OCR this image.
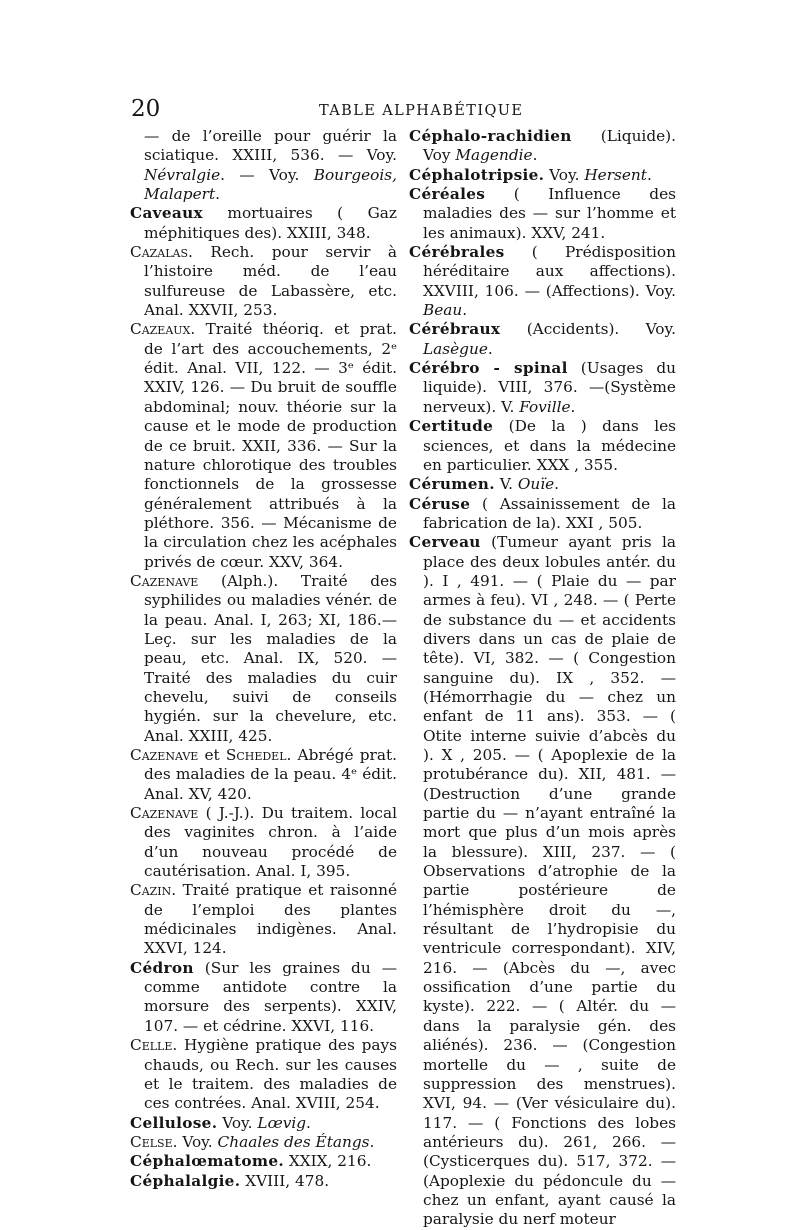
20	TABLE ALPHABÉTIQUE

— de l’oreille pour guérir la sciatique. XXIII, 536. — Voy. Névralgie. — Voy. Bourgeois, Malapert.

Caveaux mortuaires ( Gaz méphitiques des). XXIII, 348.

Cazalas. Rech. pour servir à l’histoire méd. de l’eau sulfureuse de Labassère, etc. Anal. XXVII, 253.

Cazeaux. Traité théoriq. et prat. de l’art des accouchements, 2ᵉ édit. Anal. VII, 122. — 3ᵉ édit. XXIV, 126. — Du bruit de souffle abdominal; nouv. théorie sur la cause et le mode de production de ce bruit. XXII, 336. — Sur la nature chlorotique des troubles fonctionnels de la grossesse généralement attribués à la pléthore. 356. — Mécanisme de la circulation chez les acéphales privés de cœur. XXV, 364.

Cazenave (Alph.). Traité des syphilides ou maladies vénér. de la peau. Anal. I, 263; XI, 186.— Leç. sur les maladies de la peau, etc. Anal. IX, 520. — Traité des maladies du cuir chevelu, suivi de conseils hygién. sur la chevelure, etc. Anal. XXIII, 425.

Cazenave et Schedel. Abrégé prat. des maladies de la peau. 4ᵉ édit. Anal. XV, 420.

Cazenave ( J.-J.). Du traitem. local des vaginites chron. à l’aide d’un nouveau procédé de cautérisation. Anal. I, 395.

Cazin. Traité pratique et raisonné de l’emploi des plantes médicinales indigènes. Anal. XXVI, 124.

Cédron (Sur les graines du — comme antidote contre la morsure des serpents). XXIV, 107. — et cédrine. XXVI, 116.

Celle. Hygiène pratique des pays chauds, ou Rech. sur les causes et le traitem. des maladies de ces contrées. Anal. XVIII, 254.

Cellulose. Voy. Lœvig.

Celse. Voy. Chaales des Étangs.

Céphalœmatome. XXIX, 216.

Céphalalgie. XVIII, 478.

Céphalo-rachidien (Liquide). Voy Magendie.

Céphalotripsie. Voy. Hersent.

Céréales ( Influence des maladies des — sur l’homme et les animaux). XXV, 241.

Cérébrales ( Prédisposition héréditaire aux affections). XXVIII, 106. — (Affections). Voy. Beau.

Cérébraux (Accidents). Voy. Lasègue.

Cérébro - spinal (Usages du liquide). VIII, 376. —(Système nerveux). V. Foville.

Certitude (De la ) dans les sciences, et dans la médecine en particulier. XXX , 355.

Cérumen. V. Ouïe.

Céruse ( Assainissement de la fabrication de la). XXI , 505.

Cerveau (Tumeur ayant pris la place des deux lobules antér. du ). I , 491. — ( Plaie du — par armes à feu). VI , 248. — ( Perte de substance du — et accidents divers dans un cas de plaie de tête). VI, 382. — ( Congestion sanguine du). IX , 352. — (Hémorrhagie du — chez un enfant de 11 ans). 353. — ( Otite interne suivie d’abcès du ). X , 205. — ( Apoplexie de la protubérance du). XII, 481. — (Destruction d’une grande partie du — n’ayant entraîné la mort que plus d’un mois après la blessure). XIII, 237. — ( Observations d’atrophie de la partie postérieure de l’hémisphère droit du —, résultant de l’hydropisie du ventricule correspondant). XIV, 216. — (Abcès du —, avec ossification d’une partie du kyste). 222. — ( Altér. du — dans la paralysie gén. des aliénés). 236. — (Congestion mortelle du — , suite de suppression des menstrues). XVI, 94. — (Ver vésiculaire du). 117. — ( Fonctions des lobes antérieurs du). 261, 266. — (Cysticerques du). 517, 372. — (Apoplexie du pédoncule du — chez un enfant, ayant causé la paralysie du nerf moteur
